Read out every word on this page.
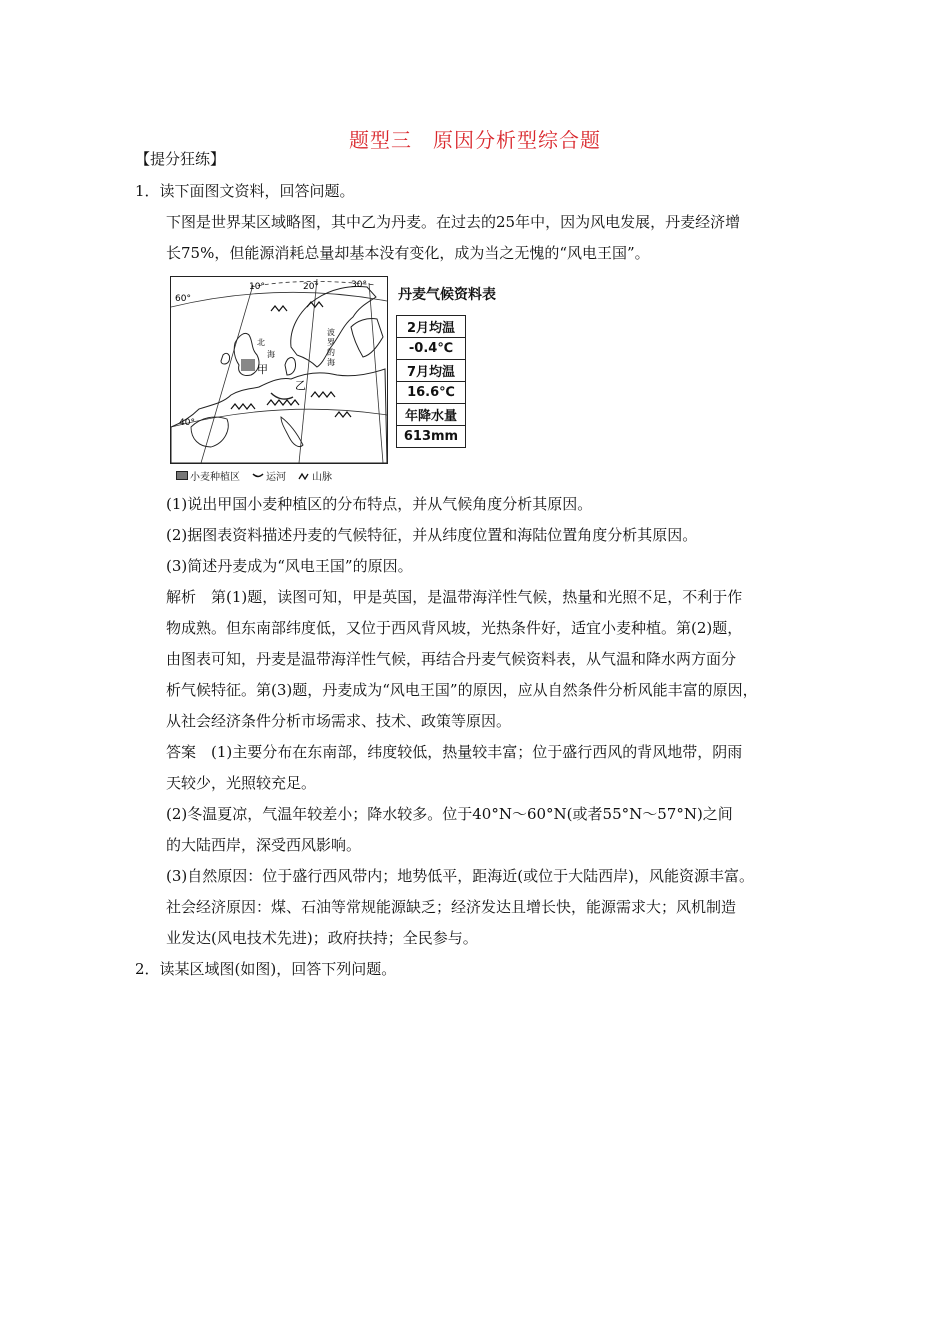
题型三　原因分析型综合题
【提分狂练】
1．读下面图文资料，回答问题。
下图是世界某区域略图，其中乙为丹麦。在过去的25年中，因为风电发展，丹麦经济增
长75%，但能源消耗总量却基本没有变化，成为当之无愧的“风电王国”。
10°	20°	30°
60°
40°
北
海
波
罗
的
海
甲
乙
丹麦气候资料表
2月均温
-0.4℃
7月均温
16.6℃
年降水量
613mm
小麦种植区	运河	山脉
(1)说出甲国小麦种植区的分布特点，并从气候角度分析其原因。
(2)据图表资料描述丹麦的气候特征，并从纬度位置和海陆位置角度分析其原因。
(3)简述丹麦成为“风电王国”的原因。
解析　第(1)题，读图可知，甲是英国，是温带海洋性气候，热量和光照不足，不利于作
物成熟。但东南部纬度低，又位于西风背风坡，光热条件好，适宜小麦种植。第(2)题，
由图表可知，丹麦是温带海洋性气候，再结合丹麦气候资料表，从气温和降水两方面分
析气候特征。第(3)题，丹麦成为“风电王国”的原因，应从自然条件分析风能丰富的原因，
从社会经济条件分析市场需求、技术、政策等原因。
答案　(1)主要分布在东南部，纬度较低，热量较丰富；位于盛行西风的背风地带，阴雨
天较少，光照较充足。
(2)冬温夏凉，气温年较差小；降水较多。位于40°N～60°N(或者55°N～57°N)之间
的大陆西岸，深受西风影响。
(3)自然原因：位于盛行西风带内；地势低平，距海近(或位于大陆西岸)，风能资源丰富。
社会经济原因：煤、石油等常规能源缺乏；经济发达且增长快，能源需求大；风机制造
业发达(风电技术先进)；政府扶持；全民参与。
2．读某区域图(如图)，回答下列问题。
